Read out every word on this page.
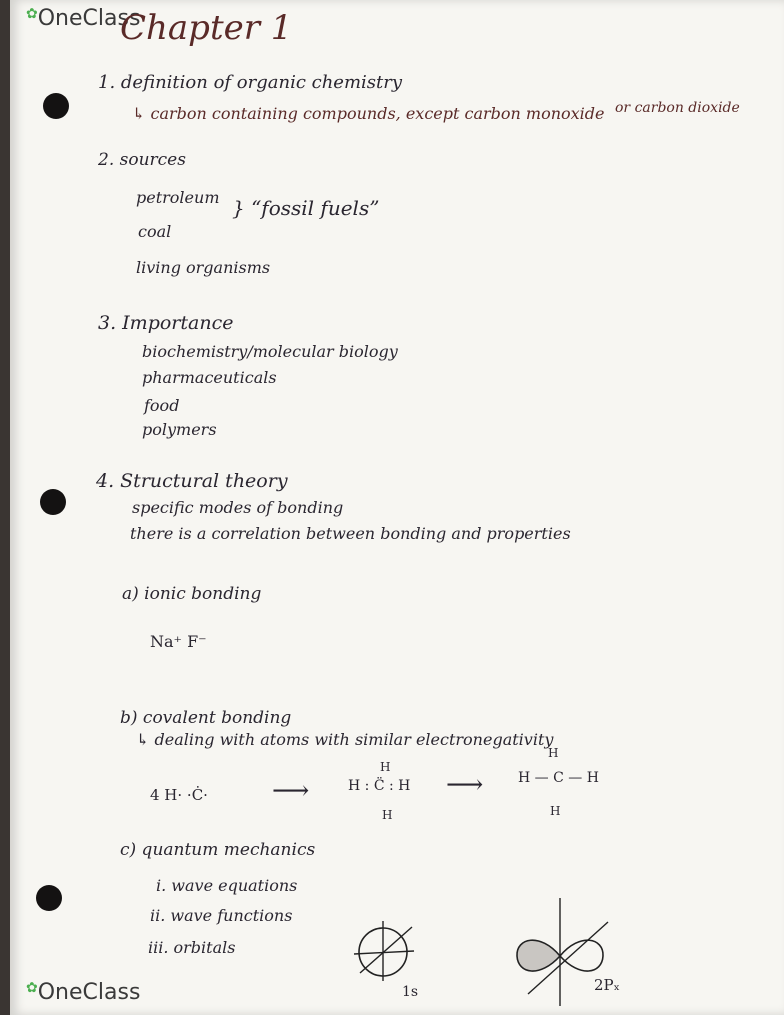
✿OneClass
Chapter 1
1. definition of organic chemistry
↳ carbon containing compounds, except carbon monoxide or carbon dioxide
2. sources
petroleum
coal
} “fossil fuels”
living organisms
3. Importance
biochemistry/molecular biology
pharmaceuticals
food
polymers
4. Structural theory
specific modes of bonding
there is a correlation between bonding and properties
a) ionic bonding
Na⁺ F⁻
b) covalent bonding
↳ dealing with atoms with similar electronegativity
4 H· ·Ċ· ⟶
H
H : C̈ : H
H
⟶
H
H — C — H
H
c) quantum mechanics
i. wave equations
ii. wave functions
iii. orbitals
1s	2Pₓ
✿OneClass
